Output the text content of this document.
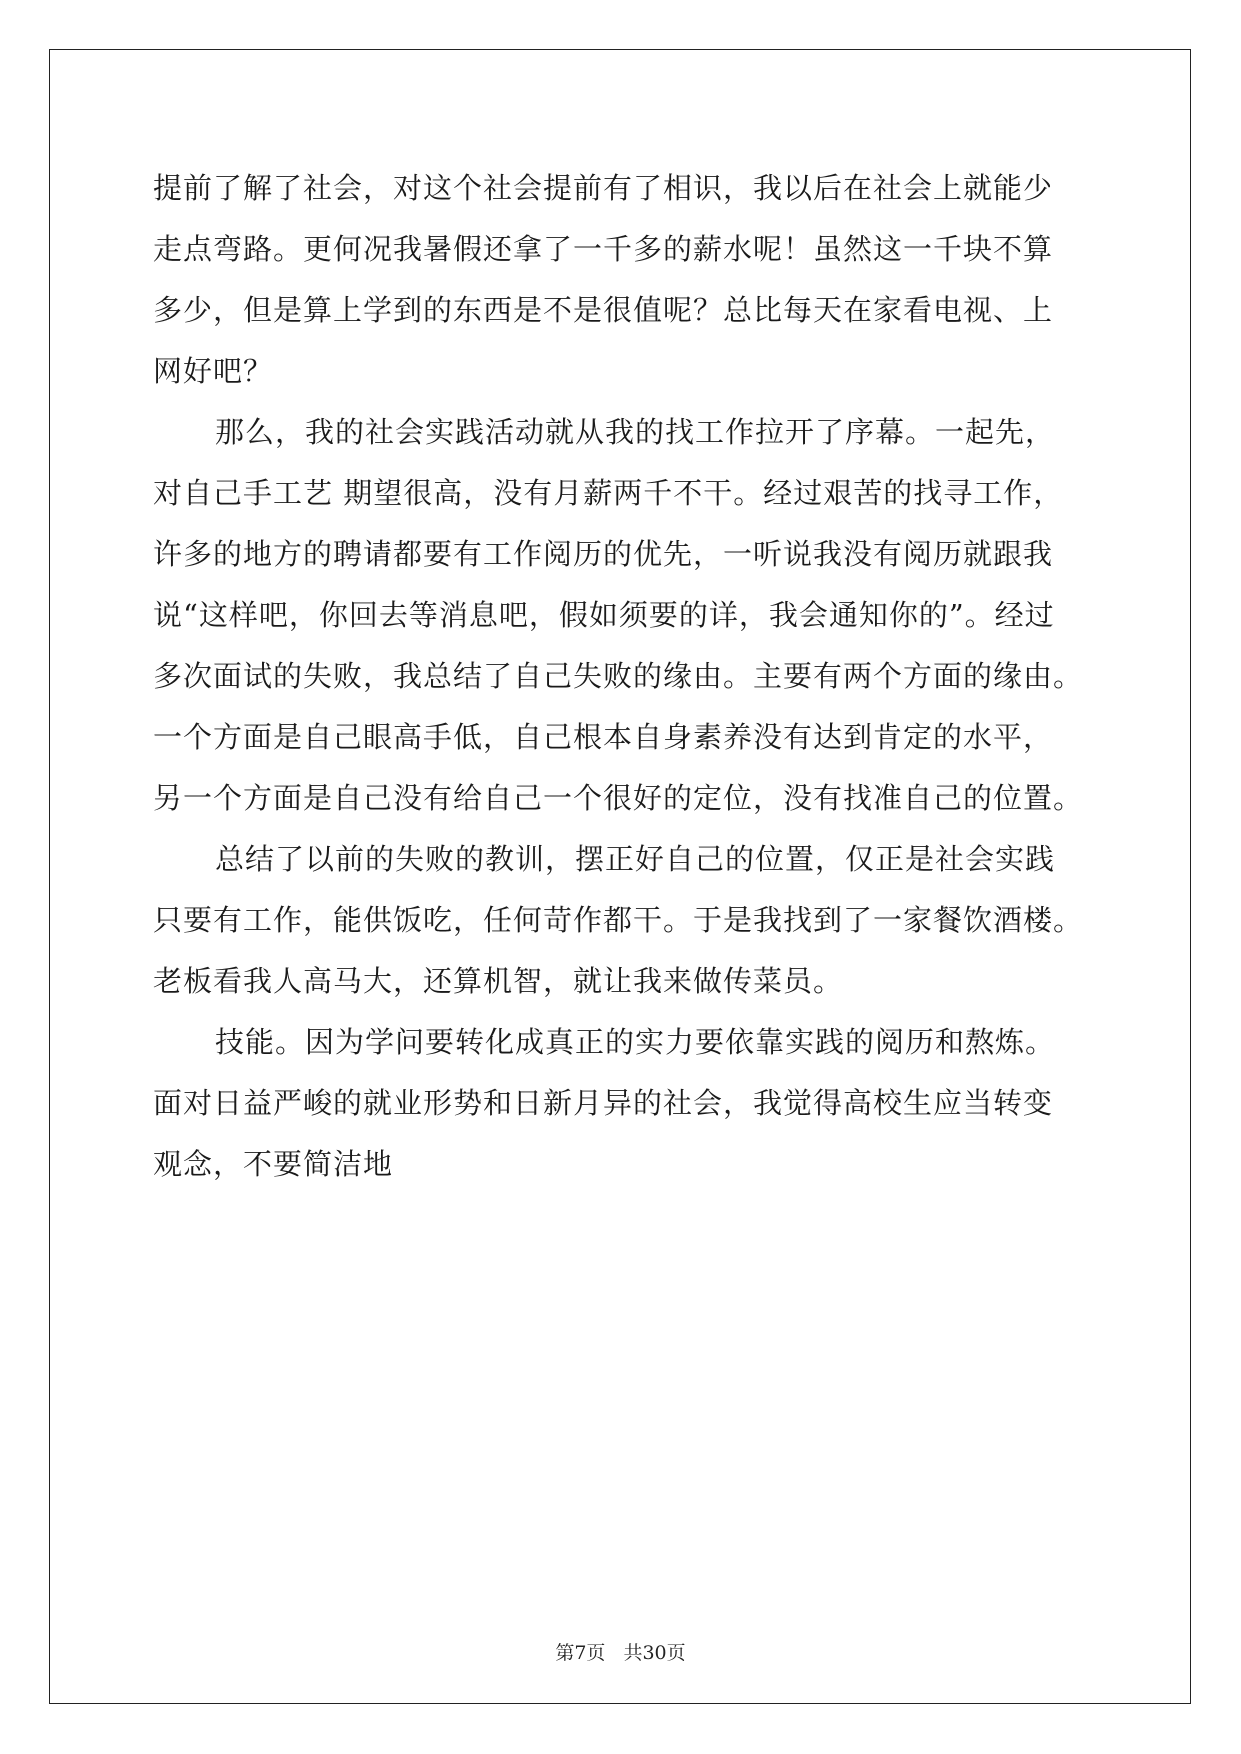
提前了解了社会，对这个社会提前有了相识，我以后在社会上就能少
走点弯路。更何况我暑假还拿了一千多的薪水呢！虽然这一千块不算
多少，但是算上学到的东西是不是很值呢？总比每天在家看电视、上
网好吧？
那么，我的社会实践活动就从我的找工作拉开了序幕。一起先，
对自己手工艺 期望很高，没有月薪两千不干。经过艰苦的找寻工作，
许多的地方的聘请都要有工作阅历的优先，一听说我没有阅历就跟我
说“这样吧，你回去等消息吧，假如须要的详，我会通知你的”。经过
多次面试的失败，我总结了自己失败的缘由。主要有两个方面的缘由。
一个方面是自己眼高手低，自己根本自身素养没有达到肯定的水平，
另一个方面是自己没有给自己一个很好的定位，没有找准自己的位置。
总结了以前的失败的教训，摆正好自己的位置，仅正是社会实践
只要有工作，能供饭吃，任何苛作都干。于是我找到了一家餐饮酒楼。
老板看我人高马大，还算机智，就让我来做传菜员。
技能。因为学问要转化成真正的实力要依靠实践的阅历和熬炼。
面对日益严峻的就业形势和日新月异的社会，我觉得高校生应当转变
观念，不要简洁地
第7页 共30页
